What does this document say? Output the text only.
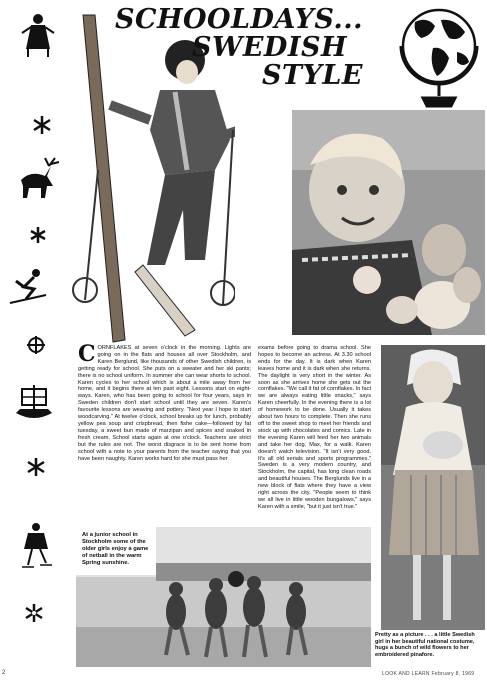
SCHOOLDAYS...
SWEDISH
STYLE
CORNFLAKES at seven o'clock in the morning. Lights are going on in the flats and houses all over Stockholm, and Karen Berglund, like thousands of other Swedish children, is getting ready for school. She puts on a sweater and her ski pants; there is no school uniform. In summer she can wear shorts to school. Karen cycles to her school which is about a mile away from her home, and it begins there at ten past eight. Lessons start on eight-ways. Karen, who has been going to school for four years, says in Sweden children don't start school until they are seven. Karen's favourite lessons are weaving and pottery. "Next year I hope to start woodcarving." At twelve o'clock, school breaks up for lunch, probably yellow pea soup and crispbread, then fishe cake—followed by fat tuesday, a sweet bun made of marzipan and spices and soaked in fresh cream. School starts again at one o'clock. Teachers are strict but the rules are not. The worst disgrace is to be sent home from school with a note to your parents from the teacher saying that you have been naughty. Karen works hard for she must pass her
exams before going to drama school. She hopes to become an actress. At 3.30 school ends for the day. It is dark when Karen leaves home and it is dark when she returns. The daylight is very short in the winter. As soon as she arrives home she gets out the cornflakes. "We call it fat of cornflakes. In fact we are always eating little snacks," says Karen cheerfully. In the evening there is a lot of homework to be done. Usually it takes about two hours to complete. Then she runs off to the sweet shop to meet her friends and stock up with chocolates and comics. Late in the evening Karen will feed her two animals and take her dog, Max, for a walk. Karen doesn't watch television. "It isn't very good. It's all old serials and sports programmes." Sweden is a very modern country, and Stockholm, the capital, has long clean roads and beautiful houses. The Berglunds live in a new block of flats where they have a view right across the city. "People seem to think we all live in little wooden bungalows," says Karen with a smile, "but it just isn't true."
At a junior school in Stockholm some of the older girls enjoy a game of netball in the warm Spring sunshine.
Pretty as a picture . . . a little Swedish girl in her beautiful national costume, hugs a bunch of wild flowers to her embroidered pinafore.
LOOK AND LEARN February 8, 1969
2
